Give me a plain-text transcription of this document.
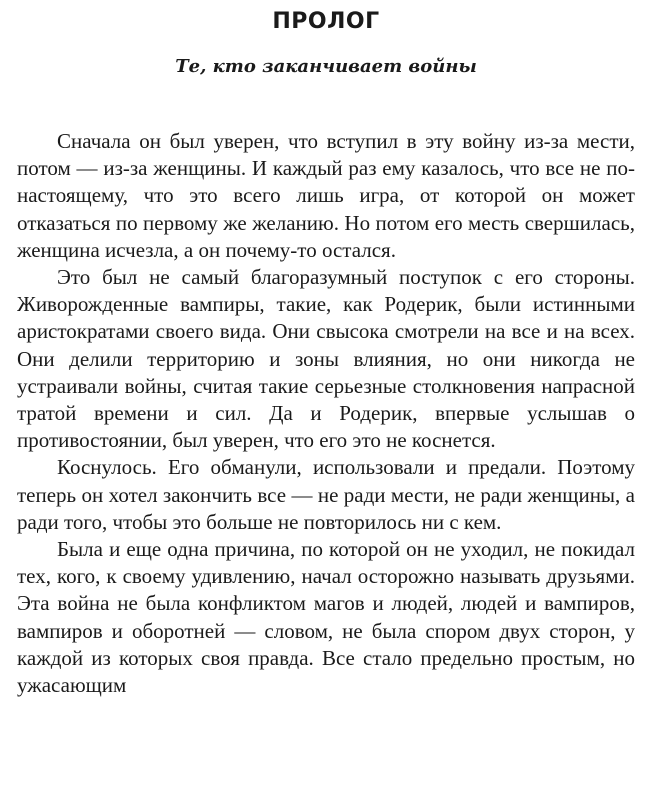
ПРОЛОГ
Те, кто заканчивает войны

Сначала он был уверен, что вступил в эту войну из-за мести, потом — из-за женщины. И каждый раз ему казалось, что все не по-настоящему, что это всего лишь игра, от которой он может отказаться по первому же желанию. Но потом его месть свершилась, женщина исчезла, а он почему-то остался.

Это был не самый благоразумный поступок с его стороны. Живорожденные вампиры, такие, как Родерик, были истинными аристократами своего вида. Они свысока смотрели на все и на всех. Они делили территорию и зоны влияния, но они никогда не устраивали войны, считая такие серьезные столкновения напрасной тратой времени и сил. Да и Родерик, впервые услышав о противостоянии, был уверен, что его это не коснется.

Коснулось. Его обманули, использовали и предали. Поэтому теперь он хотел закончить все — не ради мести, не ради женщины, а ради того, чтобы это больше не повторилось ни с кем.

Была и еще одна причина, по которой он не уходил, не покидал тех, кого, к своему удивлению, начал осторожно называть друзьями. Эта война не была конфликтом магов и людей, людей и вампиров, вампиров и оборотней — словом, не была спором двух сторон, у каждой из которых своя правда. Все стало предельно простым, но ужасающим
